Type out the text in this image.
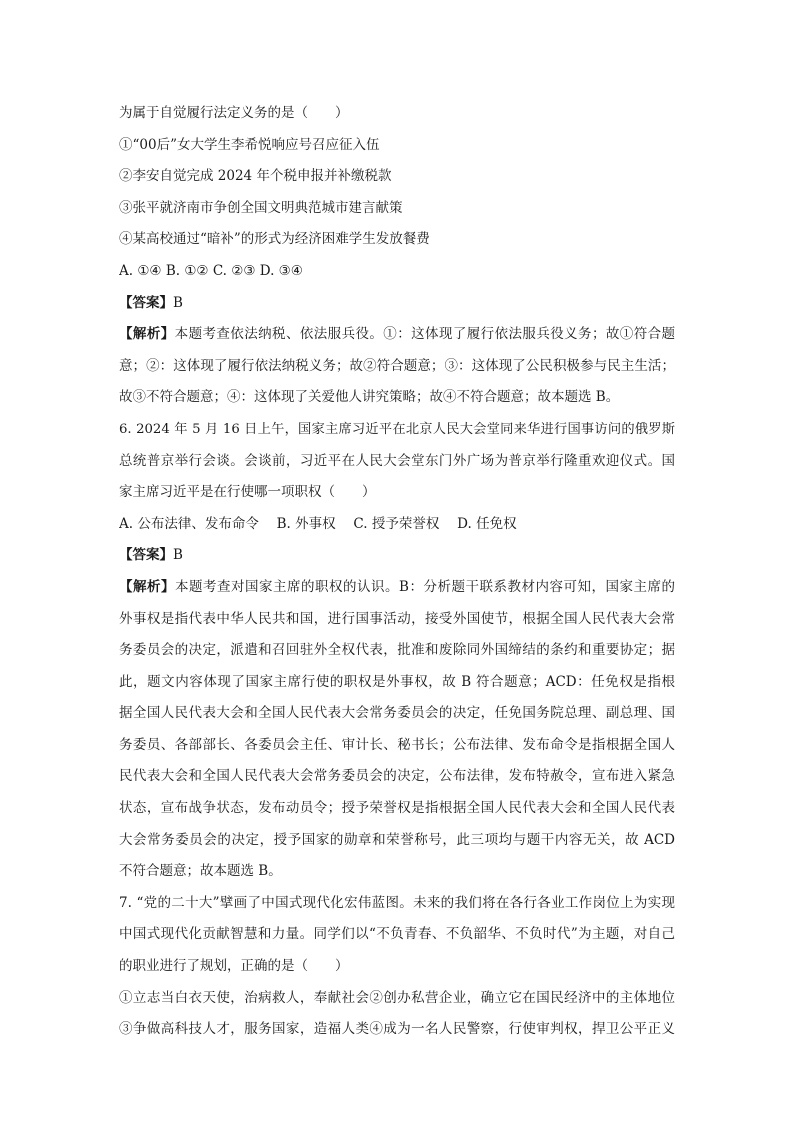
为属于自觉履行法定义务的是（　　）
①“00后”女大学生李希悦响应号召应征入伍
②李安自觉完成 2024 年个税申报并补缴税款
③张平就济南市争创全国文明典范城市建言献策
④某高校通过“暗补”的形式为经济困难学生发放餐费
A. ①④ B. ①② C. ②③ D. ③④
【答案】B
【解析】本题考查依法纳税、依法服兵役。①：这体现了履行依法服兵役义务；故①符合题
意；②：这体现了履行依法纳税义务；故②符合题意；③：这体现了公民积极参与民主生活；
故③不符合题意；④：这体现了关爱他人讲究策略；故④不符合题意；故本题选 B。
6. 2024 年 5 月 16 日上午，国家主席习近平在北京人民大会堂同来华进行国事访问的俄罗斯
总统普京举行会谈。会谈前，习近平在人民大会堂东门外广场为普京举行隆重欢迎仪式。国
家主席习近平是在行使哪一项职权（　　）
A. 公布法律、发布命令　 B. 外事权　 C. 授予荣誉权　 D. 任免权
【答案】B
【解析】本题考查对国家主席的职权的认识。B：分析题干联系教材内容可知，国家主席的
外事权是指代表中华人民共和国，进行国事活动，接受外国使节，根据全国人民代表大会常
务委员会的决定，派遣和召回驻外全权代表，批准和废除同外国缔结的条约和重要协定；据
此，题文内容体现了国家主席行使的职权是外事权，故 B 符合题意；ACD：任免权是指根
据全国人民代表大会和全国人民代表大会常务委员会的决定，任免国务院总理、副总理、国
务委员、各部部长、各委员会主任、审计长、秘书长；公布法律、发布命令是指根据全国人
民代表大会和全国人民代表大会常务委员会的决定，公布法律，发布特赦令，宣布进入紧急
状态，宣布战争状态，发布动员令；授予荣誉权是指根据全国人民代表大会和全国人民代表
大会常务委员会的决定，授予国家的勋章和荣誉称号，此三项均与题干内容无关，故 ACD
不符合题意；故本题选 B。
7. “党的二十大”擘画了中国式现代化宏伟蓝图。未来的我们将在各行各业工作岗位上为实现
中国式现代化贡献智慧和力量。同学们以“不负青春、不负韶华、不负时代”为主题，对自己
的职业进行了规划，正确的是（　　）
①立志当白衣天使，治病救人，奉献社会②创办私营企业，确立它在国民经济中的主体地位
③争做高科技人才，服务国家，造福人类④成为一名人民警察，行使审判权，捍卫公平正义
